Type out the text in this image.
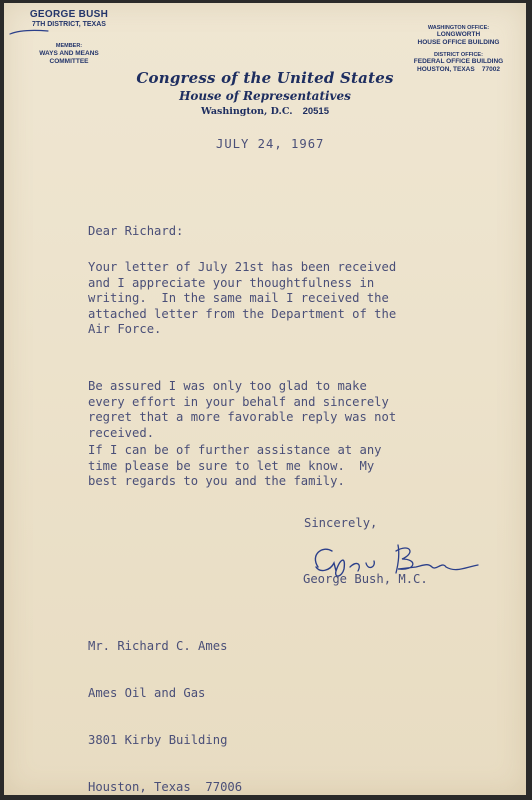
GEORGE BUSH
7TH DISTRICT, TEXAS
MEMBER:
WAYS AND MEANS COMMITTEE
WASHINGTON OFFICE:
LONGWORTH
HOUSE OFFICE BUILDING
DISTRICT OFFICE:
FEDERAL OFFICE BUILDING
HOUSTON, TEXAS    77002
Congress of the United States
House of Representatives
Washington, D.C. 20515
JULY 24, 1967
Dear Richard:
Your letter of July 21st has been received
and I appreciate your thoughtfulness in
writing.  In the same mail I received the
attached letter from the Department of the
Air Force.
Be assured I was only too glad to make
every effort in your behalf and sincerely
regret that a more favorable reply was not
received.
If I can be of further assistance at any
time please be sure to let me know.  My
best regards to you and the family.
Sincerely,
George Bush, M.C.

Mr. Richard C. Ames

Ames Oil and Gas

3801 Kirby Building

Houston, Texas  77006
